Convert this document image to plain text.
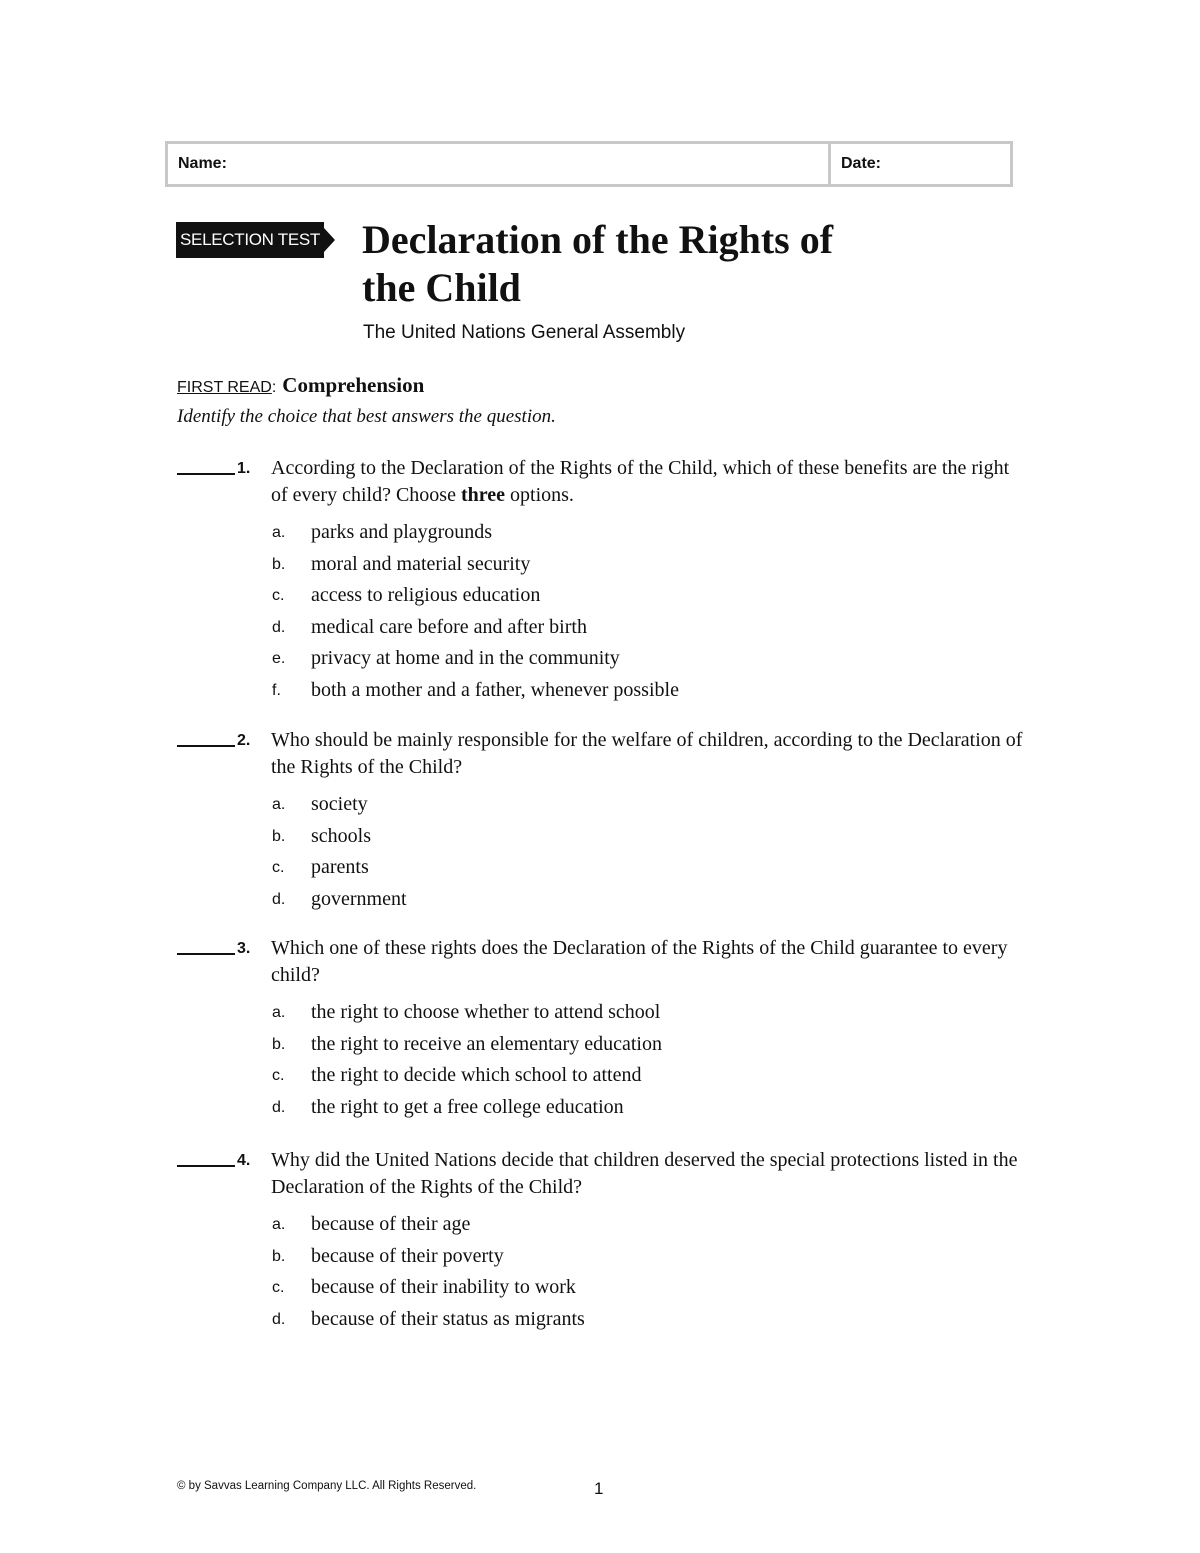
Name:	Date:
SELECTION TEST Declaration of the Rights of
the Child
The United Nations General Assembly
FIRST READ : Comprehension
Identify the choice that best answers the question.
1.	According to the Declaration of the Rights of the Child, which of these benefits are the right of every child? Choose three options.
a.	parks and playgrounds
b.	moral and material security
c.	access to religious education
d.	medical care before and after birth
e.	privacy at home and in the community
f.	both a mother and a father, whenever possible
2.	Who should be mainly responsible for the welfare of children, according to the Declaration of the Rights of the Child?
a.	society
b.	schools
c.	parents
d.	government
3.	Which one of these rights does the Declaration of the Rights of the Child guarantee to every child?
a.	the right to choose whether to attend school
b.	the right to receive an elementary education
c.	the right to decide which school to attend
d.	the right to get a free college education
4.	Why did the United Nations decide that children deserved the special protections listed in the Declaration of the Rights of the Child?
a.	because of their age
b.	because of their poverty
c.	because of their inability to work
d.	because of their status as migrants
© by Savvas Learning Company LLC. All Rights Reserved.	1
